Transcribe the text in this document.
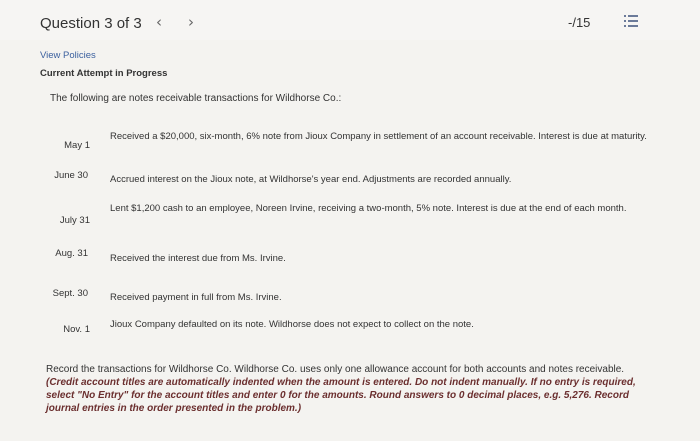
Question 3 of 3 ‹ ›	-/15
View Policies
Current Attempt in Progress
The following are notes receivable transactions for Wildhorse Co.:
May 1
Received a $20,000, six-month, 6% note from Jioux Company in settlement of an account receivable. Interest is due at maturity.
June 30 Accrued interest on the Jioux note, at Wildhorse's year end. Adjustments are recorded annually.
July 31
Lent $1,200 cash to an employee, Noreen Irvine, receiving a two-month, 5% note. Interest is due at the end of each month.
Aug. 31 Received the interest due from Ms. Irvine.
Sept. 30 Received payment in full from Ms. Irvine.
Nov. 1 Jioux Company defaulted on its note. Wildhorse does not expect to collect on the note.
Record the transactions for Wildhorse Co. Wildhorse Co. uses only one allowance account for both accounts and notes receivable. (Credit account titles are automatically indented when the amount is entered. Do not indent manually. If no entry is required, select "No Entry" for the account titles and enter 0 for the amounts. Round answers to 0 decimal places, e.g. 5,276. Record journal entries in the order presented in the problem.)
